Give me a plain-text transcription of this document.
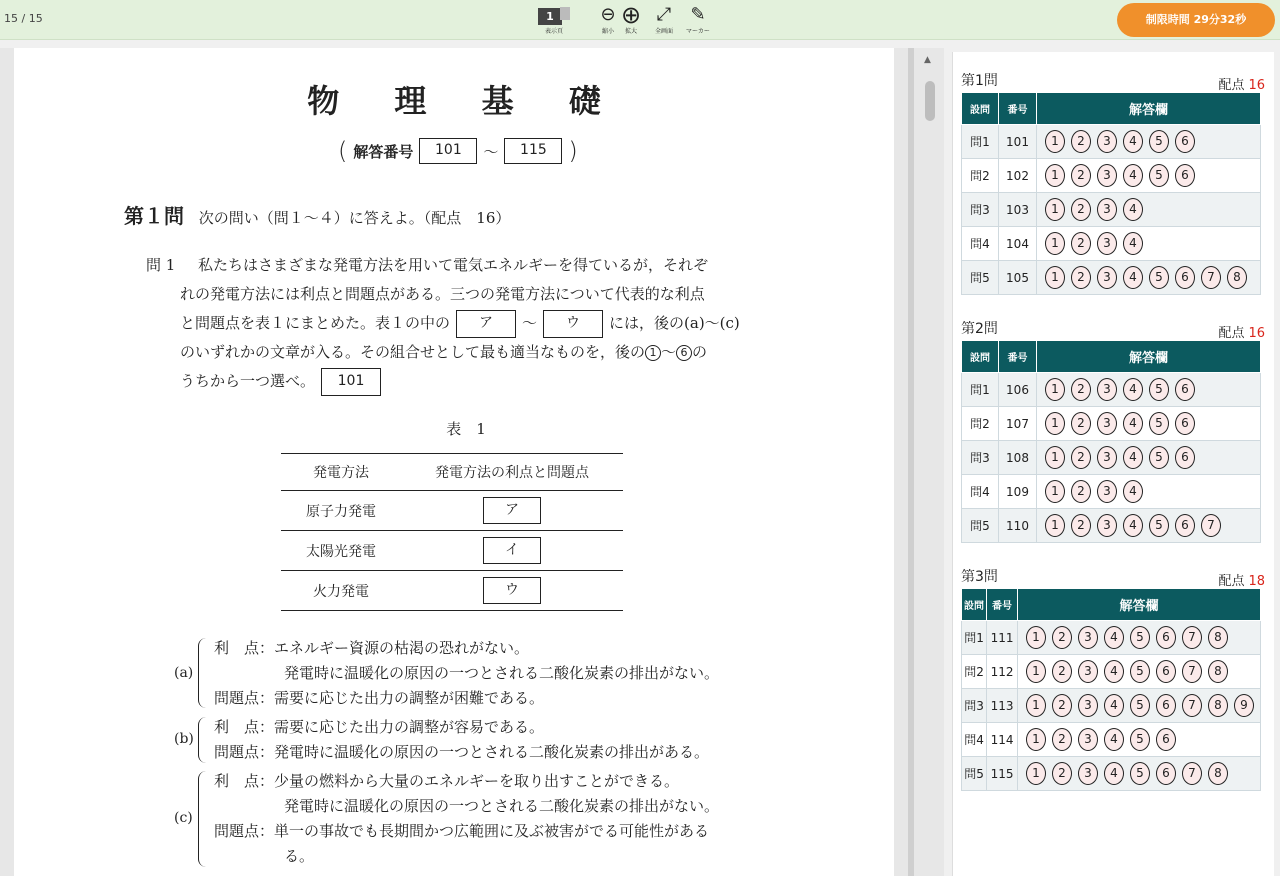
15 / 15	1
表示頁
⊖
縮小
⊕
拡大
⤢
全画面
✎
マーカー
制限時間 29分32秒
物 理 基 礎
( 解答番号	101	〜	115 )
第１問 次の問い（問１〜４）に答えよ。（配点　16）
問 1 私たちはさまざまな発電方法を用いて電気エネルギーを得ているが，それぞ
れの発電方法には利点と問題点がある。三つの発電方法について代表的な利点
と問題点を表１にまとめた。表１の中の ア 〜 ウ には，後の(a)〜(c)
のいずれかの文章が入る。その組合せとして最も適当なものを，後の 1 〜 6 の
うちから一つ選べ。 101
表　1
発電方法	発電方法の利点と問題点
原子力発電	ア
太陽光発電	イ
火力発電	ウ
(a)
利　点：エネルギー資源の枯渇の恐れがない。
発電時に温暖化の原因の一つとされる二酸化炭素の排出がない。
問題点：需要に応じた出力の調整が困難である。
(b)
利　点：需要に応じた出力の調整が容易である。
問題点：発電時に温暖化の原因の一つとされる二酸化炭素の排出がある。
(c)
利　点：少量の燃料から大量のエネルギーを取り出すことができる。
発電時に温暖化の原因の一つとされる二酸化炭素の排出がない。
問題点：単一の事故でも長期間かつ広範囲に及ぶ被害がでる可能性がある
る。
▲
第1問	配点 16
設問	番号	解答欄
問1	101	1 2 3 4 5 6
問2	102	1 2 3 4 5 6
問3	103	1 2 3 4
問4	104	1 2 3 4
問5	105	1 2 3 4 5 6 7 8
第2問	配点 16
設問	番号	解答欄
問1	106	1 2 3 4 5 6
問2	107	1 2 3 4 5 6
問3	108	1 2 3 4 5 6
問4	109	1 2 3 4
問5	110	1 2 3 4 5 6 7
第3問	配点 18
設問	番号	解答欄
問1	111	1 2 3 4 5 6 7 8
問2	112	1 2 3 4 5 6 7 8
問3	113	1 2 3 4 5 6 7 8 9
問4	114	1 2 3 4 5 6
問5	115	1 2 3 4 5 6 7 8
